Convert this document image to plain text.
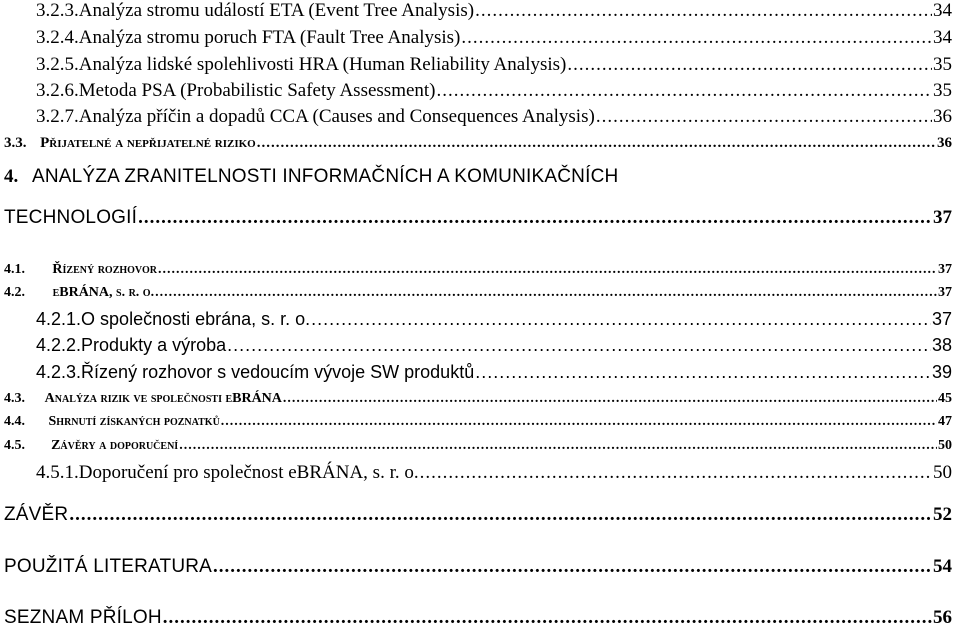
3.2.3. Analýza stromu událostí ETA (Event Tree Analysis) .....	34
3.2.4. Analýza stromu poruch FTA (Fault Tree Analysis) .....	34
3.2.5. Analýza lidské spolehlivosti HRA (Human Reliability Analysis) .....	35
3.2.6. Metoda PSA (Probabilistic Safety Assessment) .....	35
3.2.7. Analýza příčin a dopadů CCA (Causes and Consequences Analysis) .....	36
3.3. Přijatelné a nepřijatelné riziko .....	36
4. ANALÝZA ZRANITELNOSTI INFORMAČNÍCH A KOMUNIKAČNÍCH
TECHNOLOGIÍ .....	37
4.1.	Řízený rozhovor .....	37
4.2.	eBRÁNA, s. r. o. .....	37
4.2.1. O společnosti ebrána, s. r. o. .....	37
4.2.2. Produkty a výroba .....	38
4.2.3. Řízený rozhovor s vedoucím vývoje SW produktů .....	39
4.3.	Analýza rizik ve společnosti eBRÁNA .....	45
4.4.	Shrnutí získaných poznatků .....	47
4.5.	Závěry a doporučení .....	50
4.5.1. Doporučení pro společnost eBRÁNA, s. r. o. .....	50
ZÁVĚR .....	52
POUŽITÁ LITERATURA .....	54
SEZNAM PŘÍLOH .....	56
